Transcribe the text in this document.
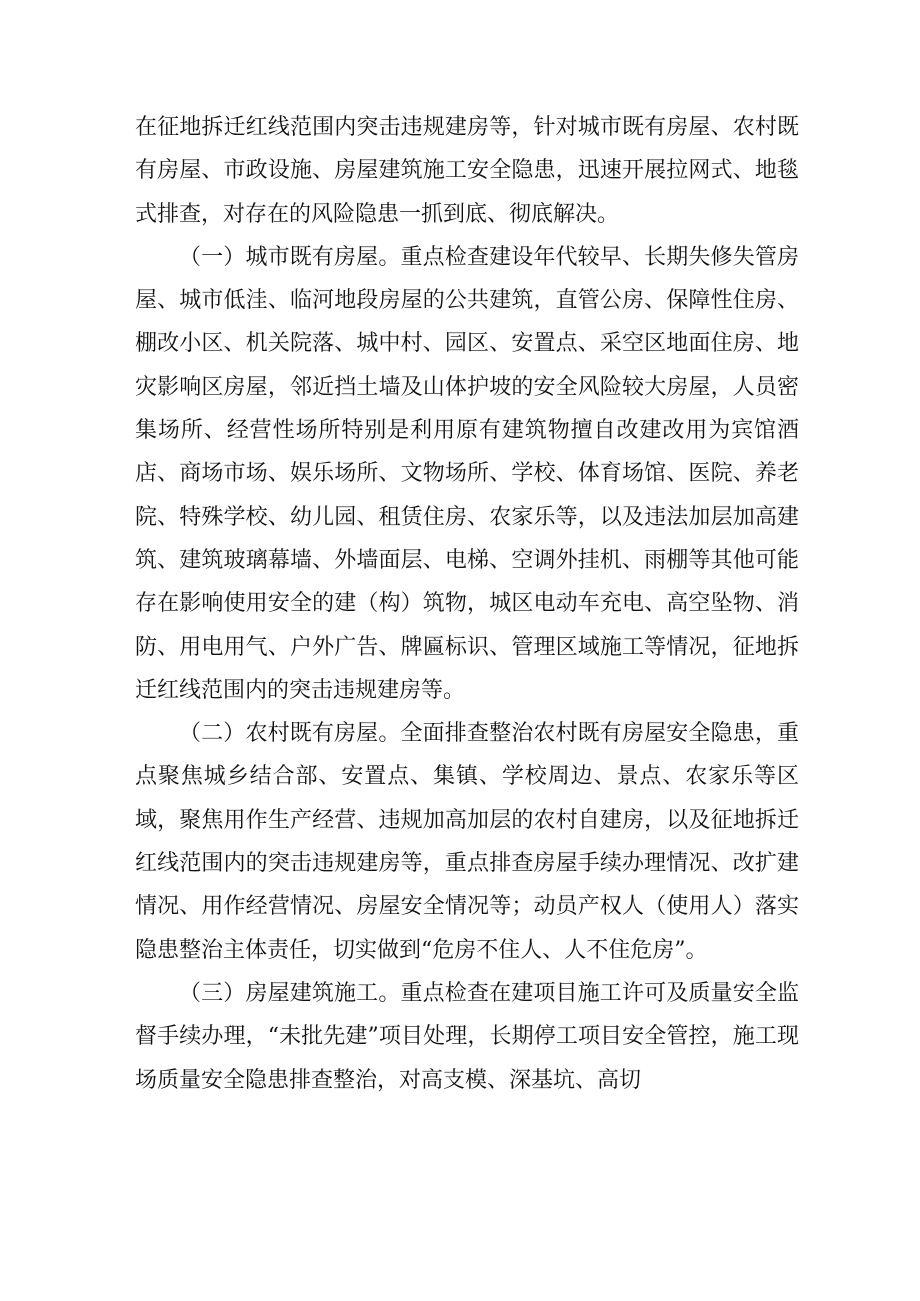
在征地拆迁红线范围内突击违规建房等，针对城市既有房屋、农村既有房屋、市政设施、房屋建筑施工安全隐患，迅速开展拉网式、地毯式排查，对存在的风险隐患一抓到底、彻底解决。

（一）城市既有房屋。重点检查建设年代较早、长期失修失管房屋、城市低洼、临河地段房屋的公共建筑，直管公房、保障性住房、棚改小区、机关院落、城中村、园区、安置点、采空区地面住房、地灾影响区房屋，邻近挡土墙及山体护坡的安全风险较大房屋，人员密集场所、经营性场所特别是利用原有建筑物擅自改建改用为宾馆酒店、商场市场、娱乐场所、文物场所、学校、体育场馆、医院、养老院、特殊学校、幼儿园、租赁住房、农家乐等，以及违法加层加高建筑、建筑玻璃幕墙、外墙面层、电梯、空调外挂机、雨棚等其他可能存在影响使用安全的建（构）筑物，城区电动车充电、高空坠物、消防、用电用气、户外广告、牌匾标识、管理区域施工等情况，征地拆迁红线范围内的突击违规建房等。

（二）农村既有房屋。全面排查整治农村既有房屋安全隐患，重点聚焦城乡结合部、安置点、集镇、学校周边、景点、农家乐等区域，聚焦用作生产经营、违规加高加层的农村自建房，以及征地拆迁红线范围内的突击违规建房等，重点排查房屋手续办理情况、改扩建情况、用作经营情况、房屋安全情况等；动员产权人（使用人）落实隐患整治主体责任，切实做到“危房不住人、人不住危房”。

（三）房屋建筑施工。重点检查在建项目施工许可及质量安全监督手续办理，“未批先建”项目处理，长期停工项目安全管控，施工现场质量安全隐患排查整治，对高支模、深基坑、高切
